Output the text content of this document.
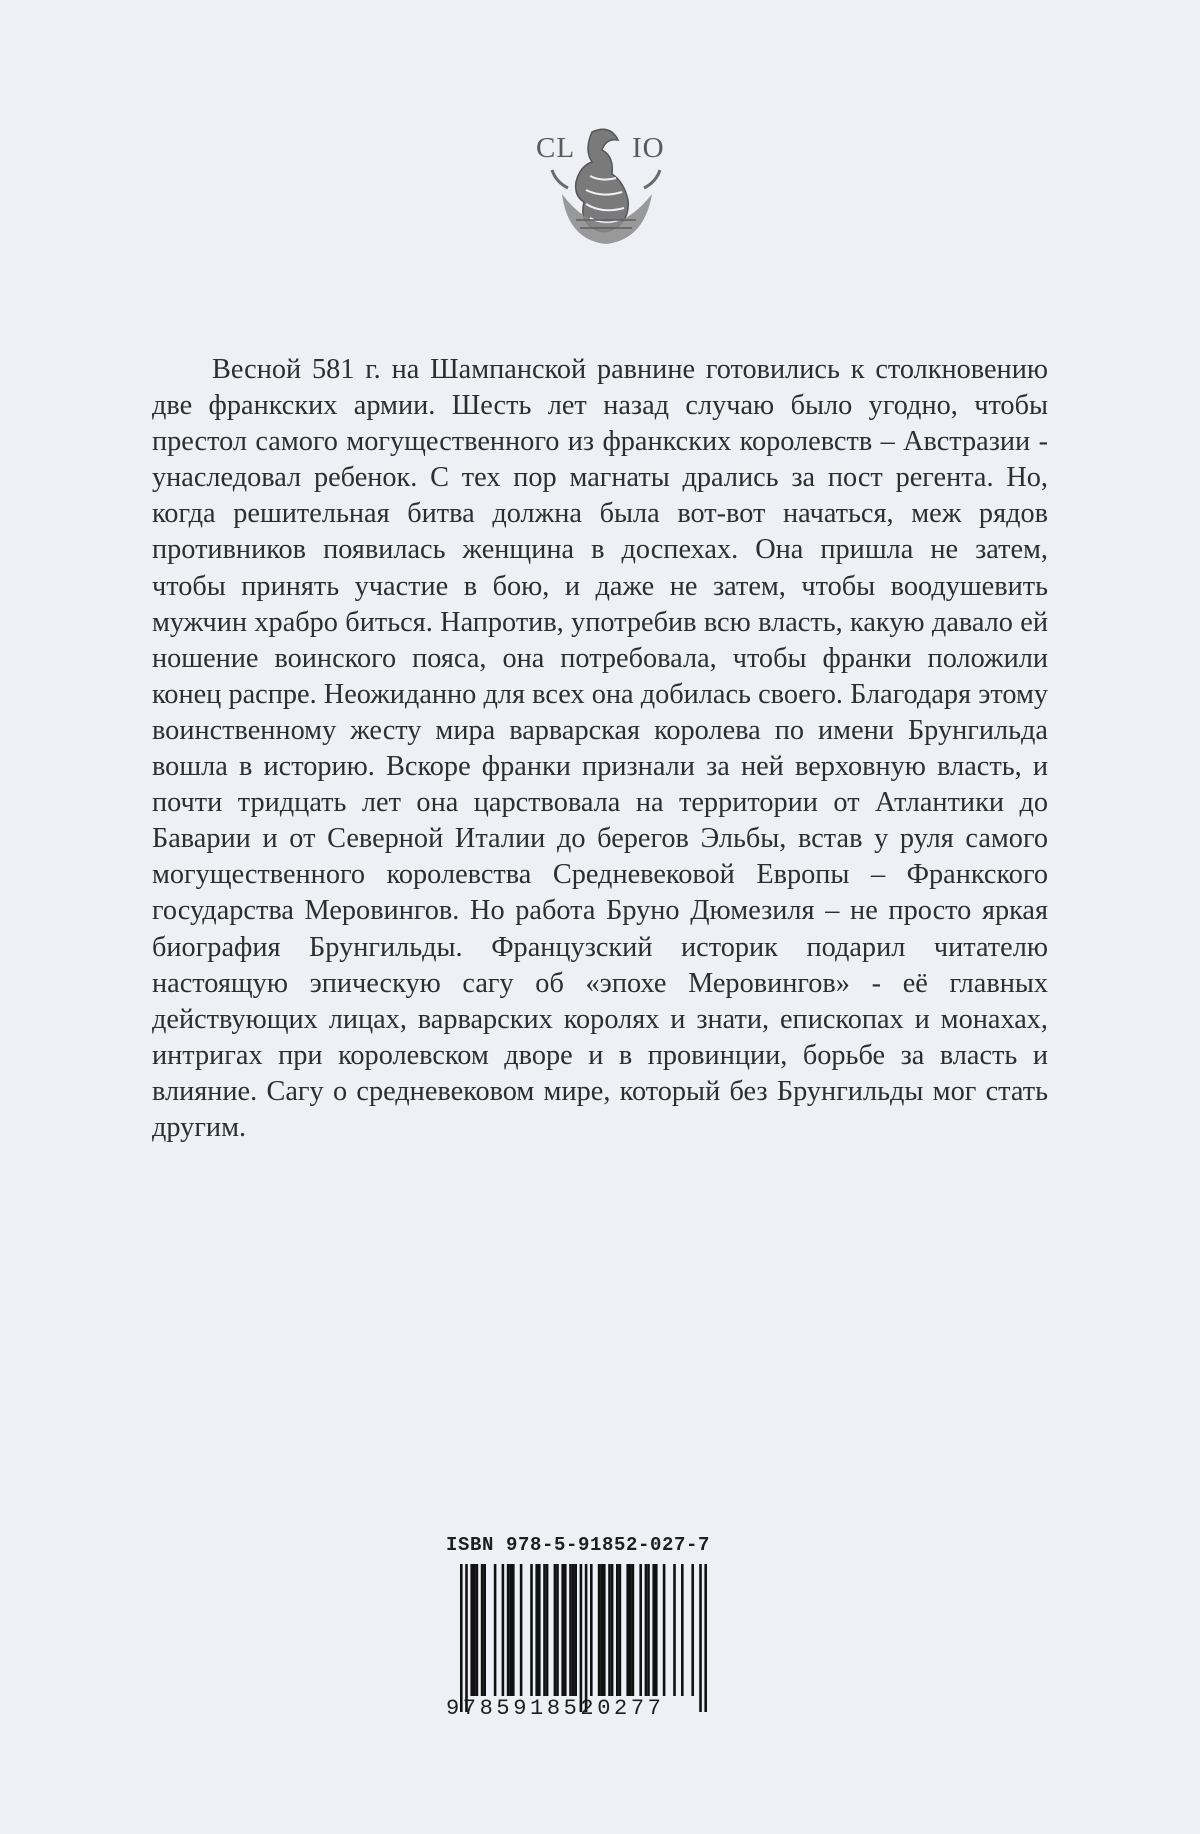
CL IO

Весной 581 г. на Шампанской равнине готовились к столкновению две франкских армии. Шесть лет назад случаю было угодно, чтобы престол самого могущественного из франкских королевств – Австразии - унаследовал ребенок. С тех пор магнаты дрались за пост регента. Но, когда решительная битва должна была вот-вот начаться, меж рядов противников появилась женщина в доспехах. Она пришла не затем, чтобы принять участие в бою, и даже не затем, чтобы воодушевить мужчин храбро биться. Напротив, употребив всю власть, какую давало ей ношение воинского пояса, она потребовала, чтобы франки положили конец распре. Неожиданно для всех она добилась своего. Благодаря этому воинственному жесту мира варварская королева по имени Брунгильда вошла в историю. Вскоре франки признали за ней верховную власть, и почти тридцать лет она царствовала на территории от Атлантики до Баварии и от Северной Италии до берегов Эльбы, встав у руля самого могущественного королевства Средневековой Европы – Франкского государства Меровингов. Но работа Бруно Дюмезиля – не просто яркая биография Брунгильды. Французский историк подарил читателю настоящую эпическую сагу об «эпохе Меровингов» - её главных действующих лицах, варварских королях и знати, епископах и монахах, интригах при королевском дворе и в провинции, борьбе за власть и влияние. Сагу о средневековом мире, который без Брунгильды мог стать другим.

ISBN 978-5-91852-027-7
9785918520277
